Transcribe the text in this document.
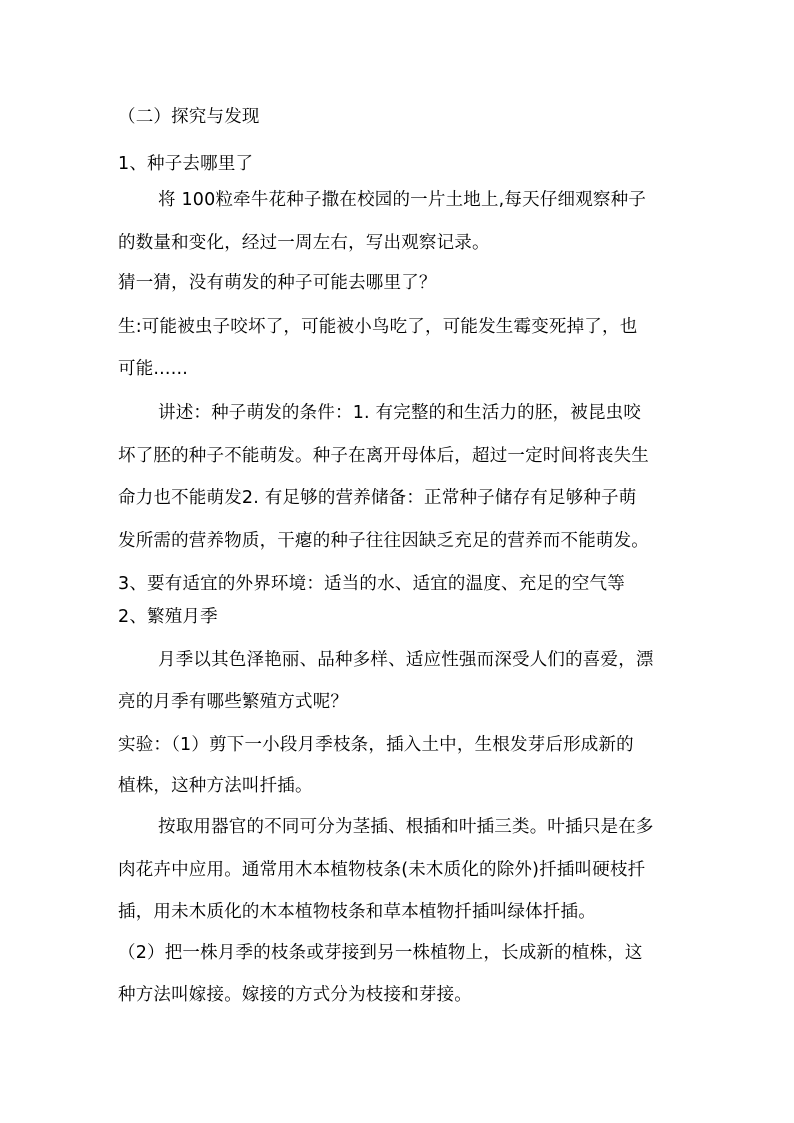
（二）探究与发现
1、种子去哪里了
将 100粒牵牛花种子撒在校园的一片土地上,每天仔细观察种子
的数量和变化，经过一周左右，写出观察记录。
猜一猜，没有萌发的种子可能去哪里了？
生:可能被虫子咬坏了，可能被小鸟吃了，可能发生霉变死掉了，也
可能......
讲述：种子萌发的条件：1. 有完整的和生活力的胚，被昆虫咬
坏了胚的种子不能萌发。种子在离开母体后，超过一定时间将丧失生
命力也不能萌发2. 有足够的营养储备：正常种子储存有足够种子萌
发所需的营养物质，干瘪的种子往往因缺乏充足的营养而不能萌发。
3、要有适宜的外界环境：适当的水、适宜的温度、充足的空气等
2、繁殖月季
月季以其色泽艳丽、品种多样、适应性强而深受人们的喜爱，漂
亮的月季有哪些繁殖方式呢？
实验：（1）剪下一小段月季枝条，插入土中，生根发芽后形成新的
植株，这种方法叫扦插。
按取用器官的不同可分为茎插、根插和叶插三类。叶插只是在多
肉花卉中应用。通常用木本植物枝条(未木质化的除外)扦插叫硬枝扦
插，用未木质化的木本植物枝条和草本植物扦插叫绿体扦插。
（2）把一株月季的枝条或芽接到另一株植物上，长成新的植株，这
种方法叫嫁接。嫁接的方式分为枝接和芽接。
